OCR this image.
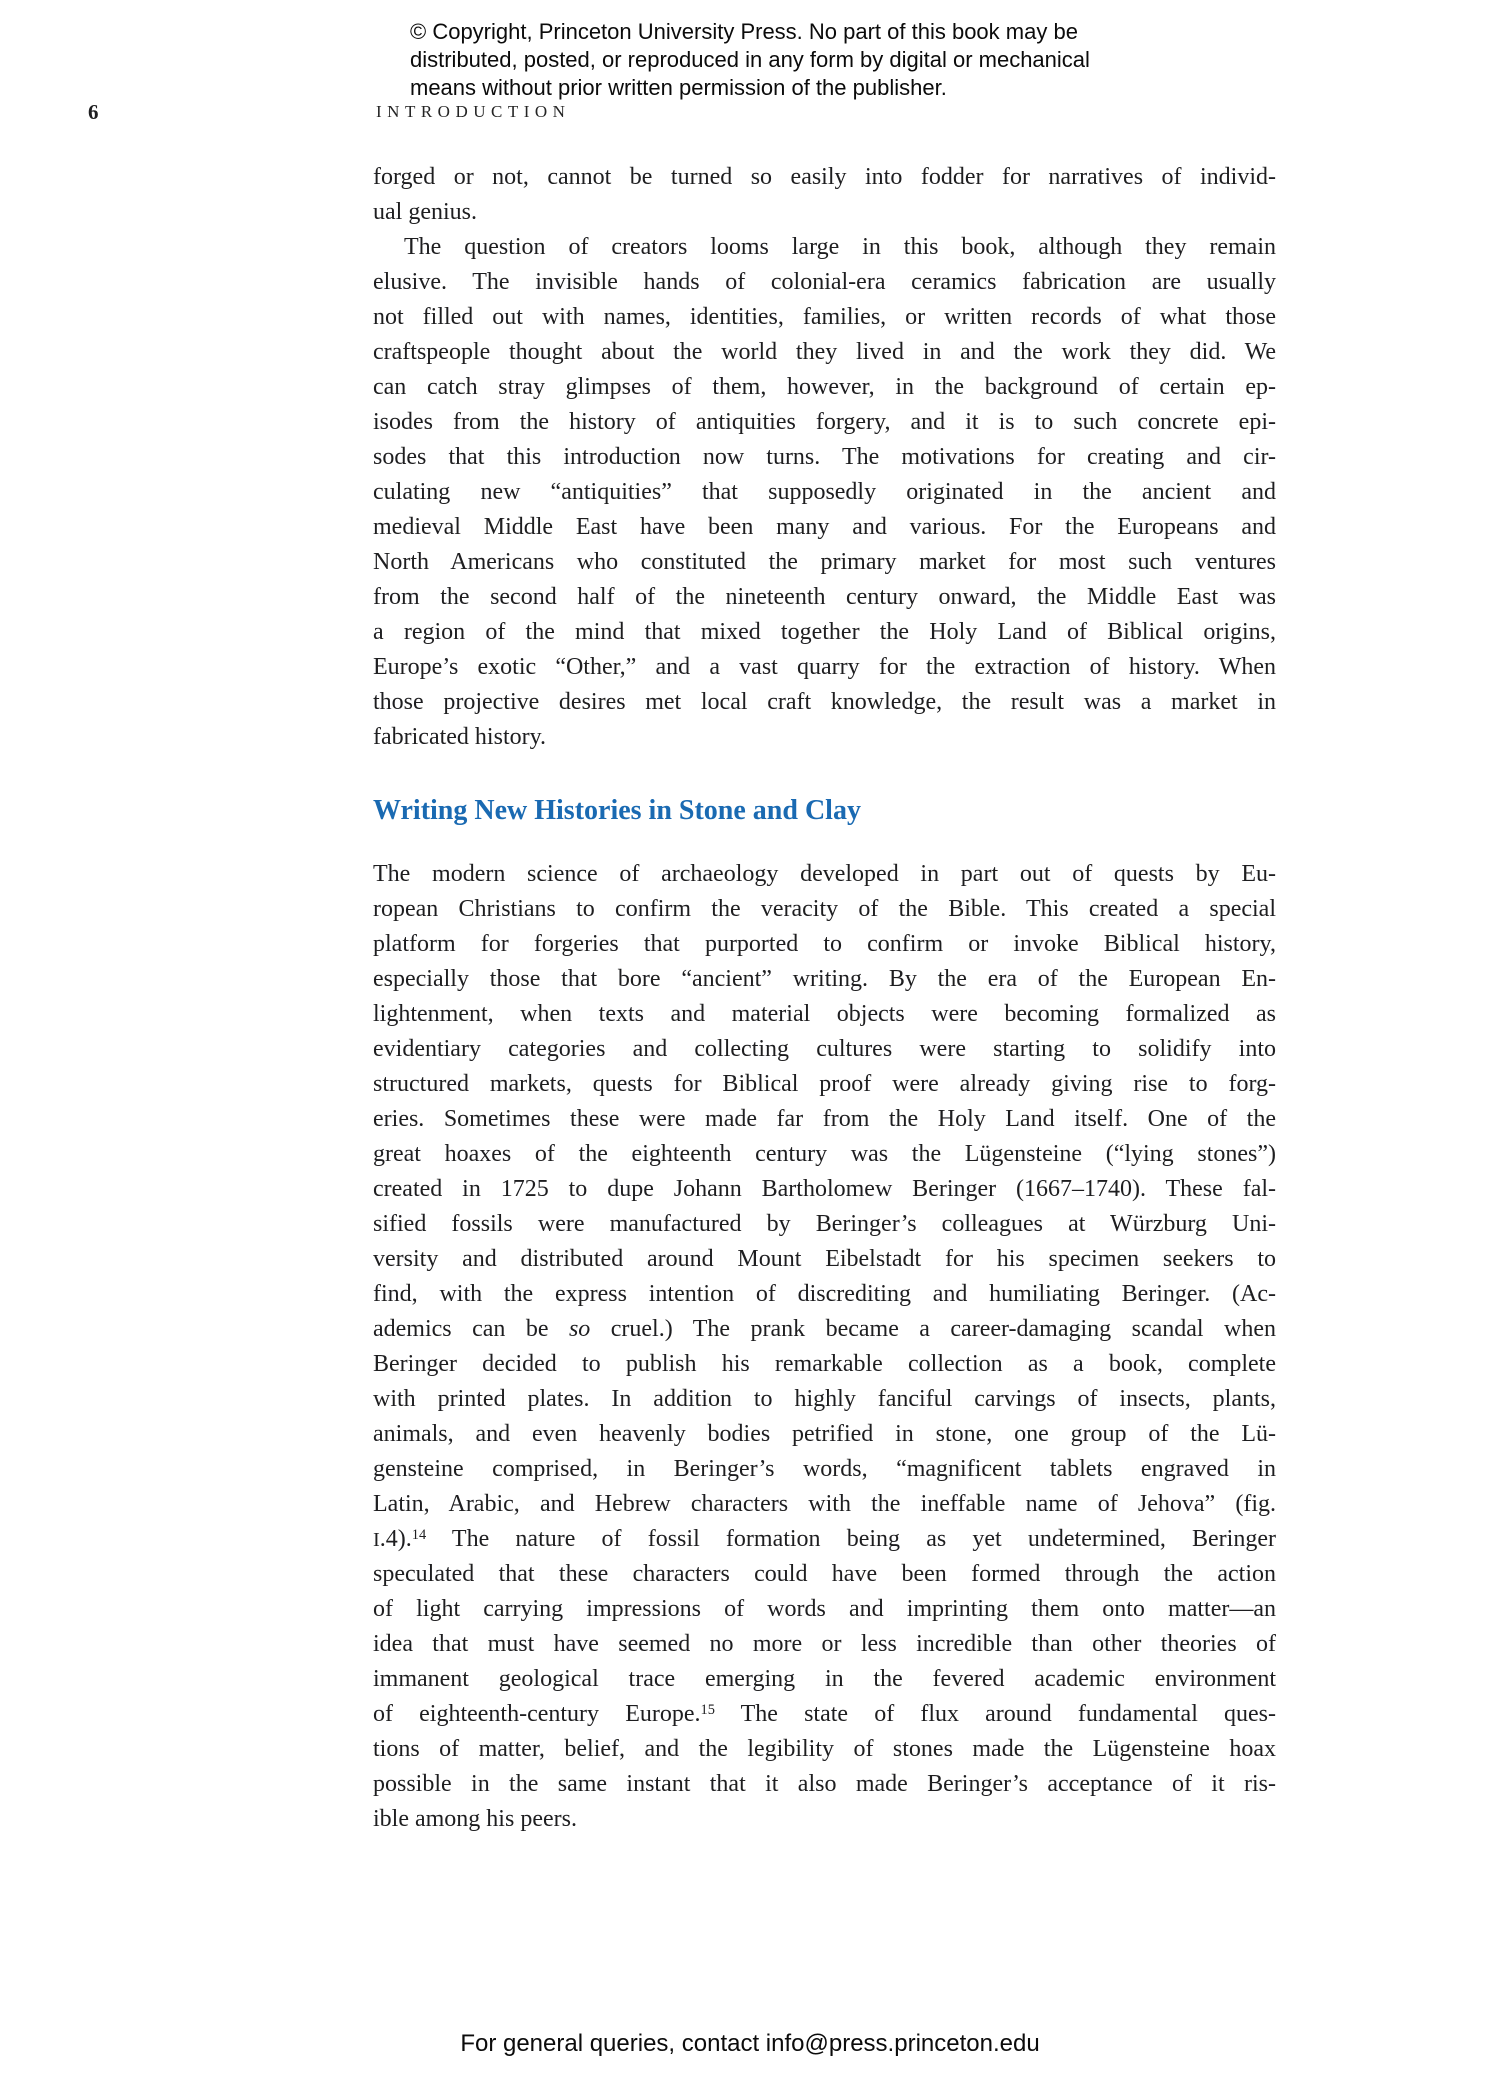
© Copyright, Princeton University Press. No part of this book may be
distributed, posted, or reproduced in any form by digital or mechanical
means without prior written permission of the publisher.
6	INTRODUCTION
forged or not, cannot be turned so easily into fodder for narratives of individ-
ual genius.
The question of creators looms large in this book, although they remain
elusive. The invisible hands of colonial-era ceramics fabrication are usually
not filled out with names, identities, families, or written records of what those
craftspeople thought about the world they lived in and the work they did. We
can catch stray glimpses of them, however, in the background of certain ep-
isodes from the history of antiquities forgery, and it is to such concrete epi-
sodes that this introduction now turns. The motivations for creating and cir-
culating new “antiquities” that supposedly originated in the ancient and
medieval Middle East have been many and various. For the Europeans and
North Americans who constituted the primary market for most such ventures
from the second half of the nineteenth century onward, the Middle East was
a region of the mind that mixed together the Holy Land of Biblical origins,
Europe’s exotic “Other,” and a vast quarry for the extraction of history. When
those projective desires met local craft knowledge, the result was a market in
fabricated history.
Writing New Histories in Stone and Clay
The modern science of archaeology developed in part out of quests by Eu-
ropean Christians to confirm the veracity of the Bible. This created a special
platform for forgeries that purported to confirm or invoke Biblical history,
especially those that bore “ancient” writing. By the era of the European En-
lightenment, when texts and material objects were becoming formalized as
evidentiary categories and collecting cultures were starting to solidify into
structured markets, quests for Biblical proof were already giving rise to forg-
eries. Sometimes these were made far from the Holy Land itself. One of the
great hoaxes of the eighteenth century was the Lügensteine (“lying stones”)
created in 1725 to dupe Johann Bartholomew Beringer (1667–1740). These fal-
sified fossils were manufactured by Beringer’s colleagues at Würzburg Uni-
versity and distributed around Mount Eibelstadt for his specimen seekers to
find, with the express intention of discrediting and humiliating Beringer. (Ac-
ademics can be so cruel.) The prank became a career-damaging scandal when
Beringer decided to publish his remarkable collection as a book, complete
with printed plates. In addition to highly fanciful carvings of insects, plants,
animals, and even heavenly bodies petrified in stone, one group of the Lü-
gensteine comprised, in Beringer’s words, “magnificent tablets engraved in
Latin, Arabic, and Hebrew characters with the ineffable name of Jehova” (fig.
I.4).$^{14}$ The nature of fossil formation being as yet undetermined, Beringer
speculated that these characters could have been formed through the action
of light carrying impressions of words and imprinting them onto matter—an
idea that must have seemed no more or less incredible than other theories of
immanent geological trace emerging in the fevered academic environment
of eighteenth-century Europe.$^{15}$ The state of flux around fundamental ques-
tions of matter, belief, and the legibility of stones made the Lügensteine hoax
possible in the same instant that it also made Beringer’s acceptance of it ris-
ible among his peers.
For general queries, contact info@press.princeton.edu
